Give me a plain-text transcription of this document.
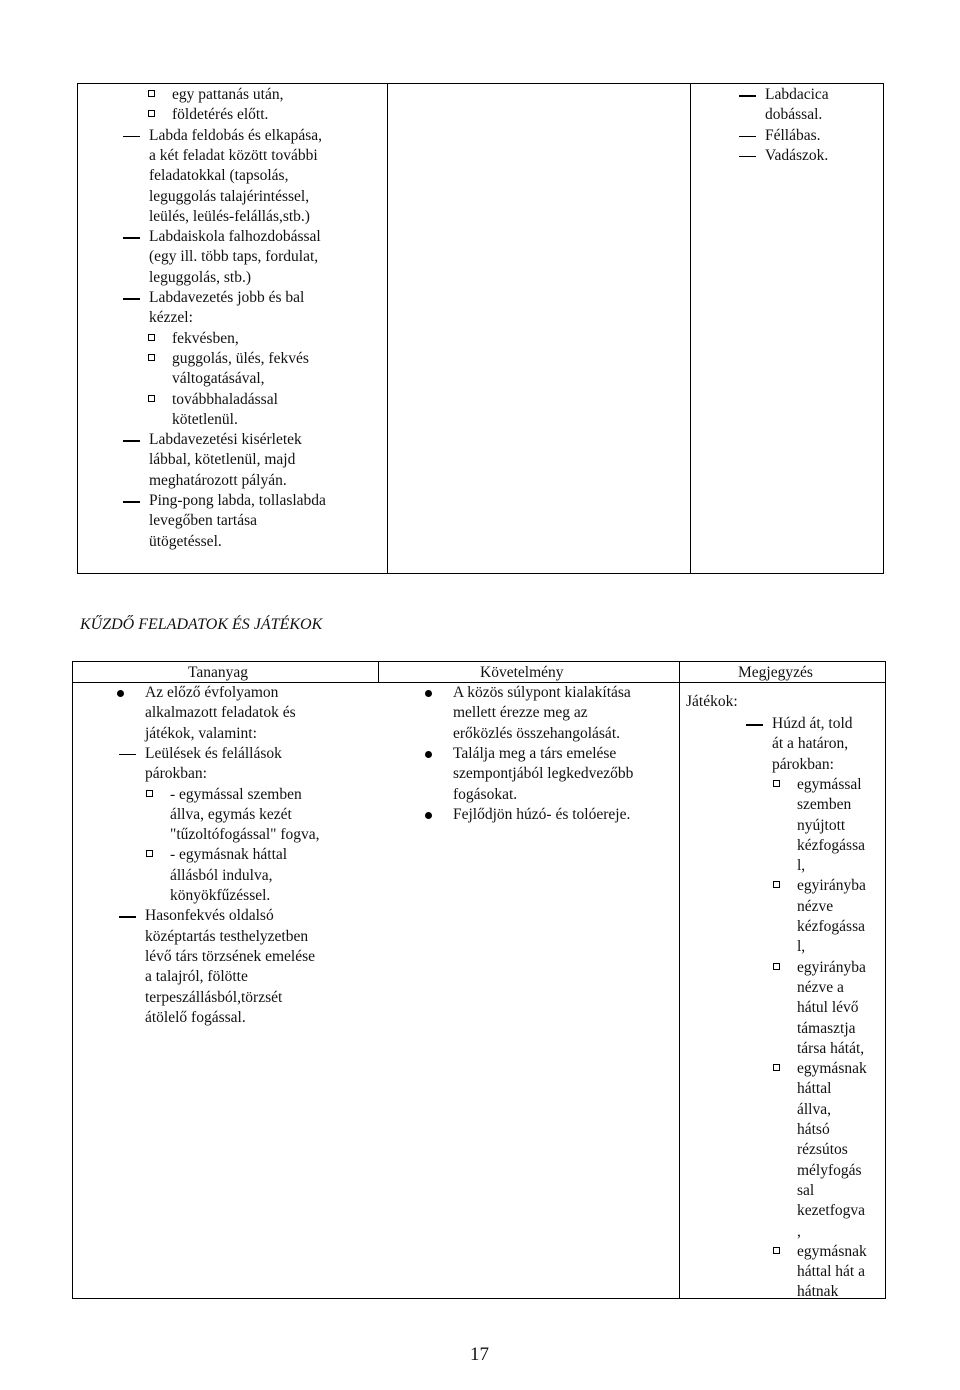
KŰZDŐ FELADATOK ÉS JÁTÉKOK
Tananyag	Követelmény	Megjegyzés
Játékok:
17
egy pattanás után,
földetérés előtt.
Labda feldobás és elkapása,
a két feladat között további
feladatokkal (tapsolás,
leguggolás talajérintéssel,
leülés, leülés-felállás,stb.)
Labdaiskola falhozdobással
(egy ill. több taps, fordulat,
leguggolás, stb.)
Labdavezetés jobb és bal
kézzel:
fekvésben,
guggolás, ülés, fekvés
váltogatásával,
továbbhaladással
kötetlenül.
Labdavezetési kisérletek
lábbal, kötetlenül, majd
meghatározott pályán.
Ping-pong labda, tollaslabda
levegőben tartása
ütögetéssel.
Labdacica
dobással.
Féllábas.
Vadászok.
Az előző évfolyamon
alkalmazott feladatok és
játékok, valamint:
Leülések és felállások
párokban:
- egymással szemben
állva, egymás kezét
"tűzoltófogással" fogva,
- egymásnak háttal
állásból indulva,
könyökfűzéssel.
Hasonfekvés oldalsó
középtartás testhelyzetben
lévő társ törzsének emelése
a talajról, fölötte
terpeszállásból,törzsét
átölelő fogással.
A közös súlypont kialakítása
mellett érezze meg az
erőközlés összehangolását.
Találja meg a társ emelése
szempontjából legkedvezőbb
fogásokat.
Fejlődjön húzó- és tolóereje.
Húzd át, told
át a határon,
párokban:
egymással
szemben
nyújtott
kézfogássa
l,
egyirányba
nézve
kézfogássa
l,
egyirányba
nézve a
hátul lévő
támasztja
társa hátát,
egymásnak
háttal
állva,
hátsó
rézsútos
mélyfogás
sal
kezetfogva
,
egymásnak
háttal hát a
hátnak
